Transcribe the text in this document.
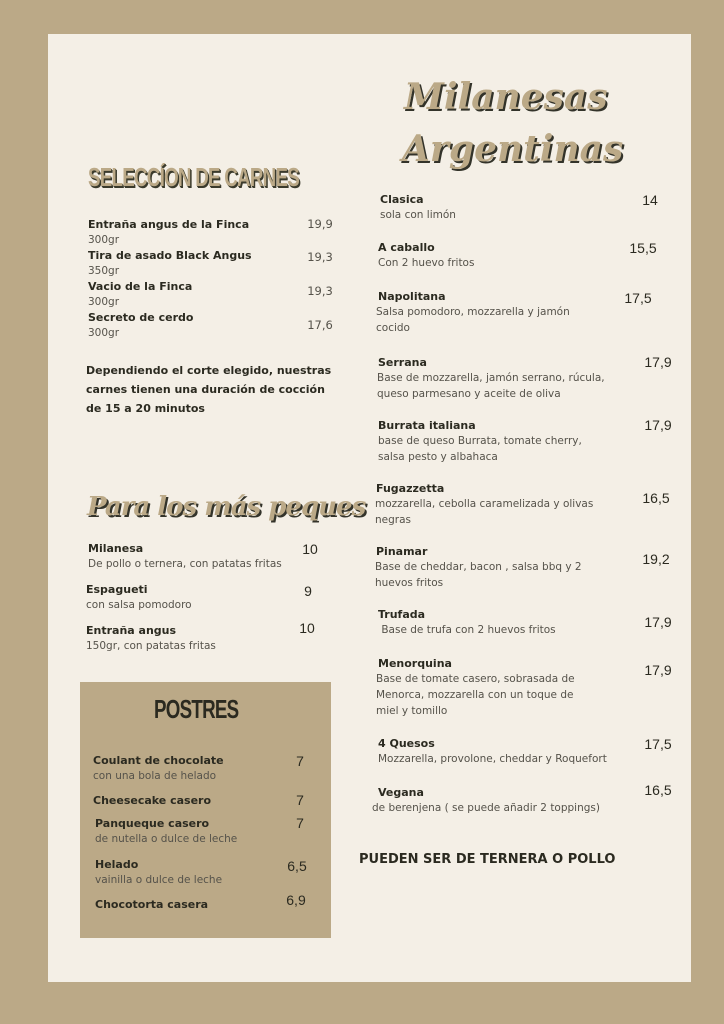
SELECCÍON DE CARNES
Dependiendo el corte elegido, nuestras carnes tienen una duración de cocción de 15 a 20 minutos
Para los más peques
POSTRES
Milanesas
Argentinas
PUEDEN SER DE TERNERA O POLLO
Entraña angus de la Finca
300gr
19,9
Tira de asado Black Angus
350gr
19,3
Vacio de la Finca
300gr
19,3
Secreto de cerdo
300gr
17,6
Milanesa
De pollo o ternera, con patatas fritas
10
Espagueti
con salsa pomodoro
9
Entraña angus
150gr, con patatas fritas
10
Coulant de chocolate
con una bola de helado
7
Cheesecake casero	7
Panqueque casero
de nutella o dulce de leche
7
Helado
vainilla o dulce de leche
6,5
Chocotorta casera	6,9
Clasica
sola con limón
14
A caballo
Con 2 huevo fritos
15,5
Napolitana
Salsa pomodoro, mozzarella y jamón
cocido
17,5
Serrana
Base de mozzarella, jamón serrano, rúcula,
queso parmesano y aceite de oliva
17,9
Burrata italiana
base de queso Burrata, tomate cherry,
salsa pesto y albahaca
17,9
Fugazzetta
mozzarella, cebolla caramelizada y olivas
negras
16,5
Pinamar
Base de cheddar, bacon , salsa bbq y 2
huevos fritos
19,2
Trufada
Base de trufa con 2 huevos fritos	17,9
Menorquina
Base de tomate casero, sobrasada de
Menorca, mozzarella con un toque de
miel y tomillo
17,9
4 Quesos
Mozzarella, provolone, cheddar y Roquefort
17,5
Vegana
de berenjena ( se puede añadir 2 toppings)
16,5
